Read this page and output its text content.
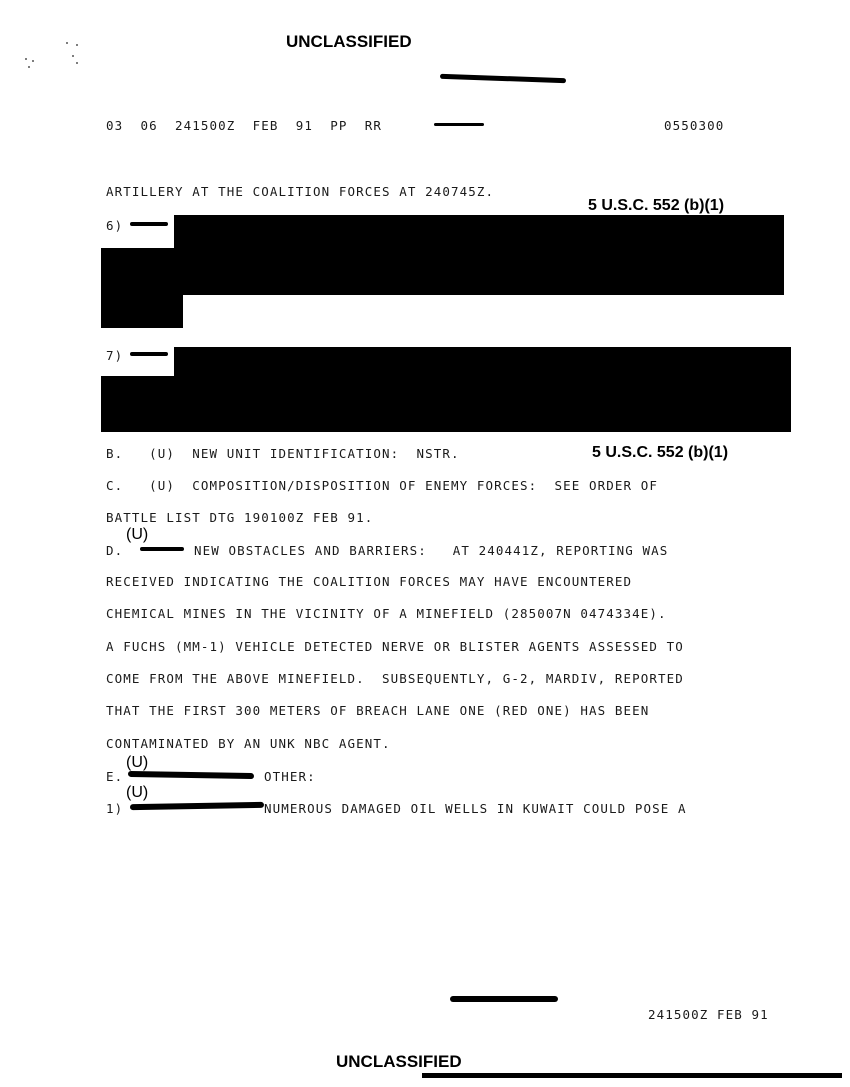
UNCLASSIFIED
03  06  241500Z  FEB  91  PP  RR	0550300
ARTILLERY AT THE COALITION FORCES AT 240745Z.
5 U.S.C. 552 (b)(1)
6)
7)
B.   (U)  NEW UNIT IDENTIFICATION:  NSTR.	5 U.S.C. 552 (b)(1)
C.   (U)  COMPOSITION/DISPOSITION OF ENEMY FORCES:  SEE ORDER OF
BATTLE LIST DTG 190100Z FEB 91.
D.
(U)
NEW OBSTACLES AND BARRIERS:   AT 240441Z, REPORTING WAS
RECEIVED INDICATING THE COALITION FORCES MAY HAVE ENCOUNTERED
CHEMICAL MINES IN THE VICINITY OF A MINEFIELD (285007N 0474334E).
A FUCHS (MM-1) VEHICLE DETECTED NERVE OR BLISTER AGENTS ASSESSED TO
COME FROM THE ABOVE MINEFIELD.  SUBSEQUENTLY, G-2, MARDIV, REPORTED
THAT THE FIRST 300 METERS OF BREACH LANE ONE (RED ONE) HAS BEEN
CONTAMINATED BY AN UNK NBC AGENT.
E.
(U)
OTHER:
1)
(U)
NUMEROUS DAMAGED OIL WELLS IN KUWAIT COULD POSE A
241500Z FEB 91
UNCLASSIFIED
